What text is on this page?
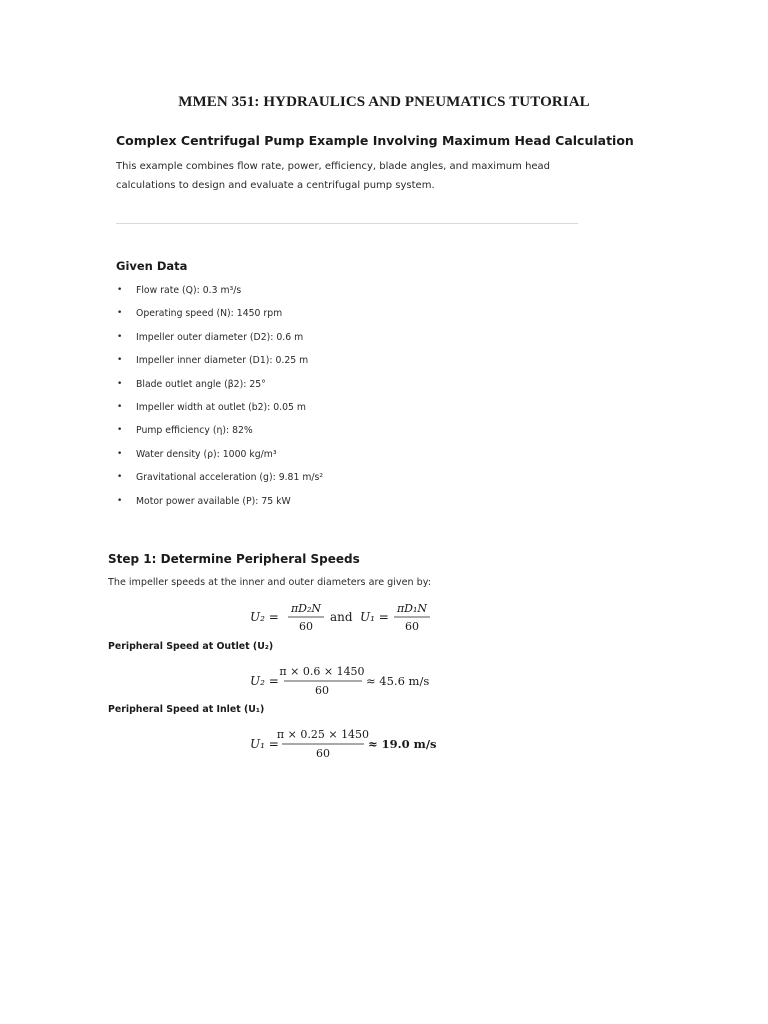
MMEN 351: HYDRAULICS AND PNEUMATICS TUTORIAL
Complex Centrifugal Pump Example Involving Maximum Head Calculation
This example combines flow rate, power, efficiency, blade angles, and maximum head calculations to design and evaluate a centrifugal pump system.
Given Data
• Flow rate (Q): 0.3 m³/s
• Operating speed (N): 1450 rpm
• Impeller outer diameter (D2): 0.6 m
• Impeller inner diameter (D1): 0.25 m
• Blade outlet angle (β2): 25°
• Impeller width at outlet (b2): 0.05 m
• Pump efficiency (η): 82%
• Water density (ρ): 1000 kg/m³
• Gravitational acceleration (g): 9.81 m/s²
• Motor power available (P): 75 kW
Step 1: Determine Peripheral Speeds
The impeller speeds at the inner and outer diameters are given by:
U₂ =
πD₂N
60
and U₁ =
πD₁N
60
Peripheral Speed at Outlet (U₂)
U₂ =
π × 0.6 × 1450
60
≈ 45.6 m/s
Peripheral Speed at Inlet (U₁)
U₁ =
π × 0.25 × 1450
60
≈ 19.0 m/s
